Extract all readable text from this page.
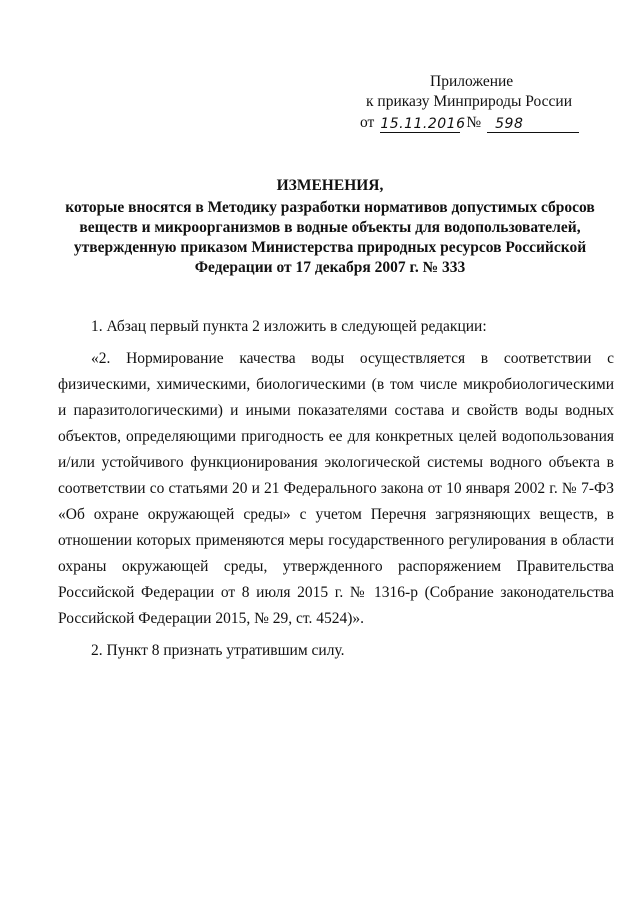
Приложение
к приказу Минприроды России
от 15.11.2016 №	598
ИЗМЕНЕНИЯ,
которые вносятся в Методику разработки нормативов допустимых сбросов веществ и микроорганизмов в водные объекты для водопользователей, утвержденную приказом Министерства природных ресурсов Российской Федерации от 17 декабря 2007 г. № 333

1. Абзац первый пункта 2 изложить в следующей редакции:

«2. Нормирование качества воды осуществляется в соответствии с физическими, химическими, биологическими (в том числе микробиологическими и паразитологическими) и иными показателями состава и свойств воды водных объектов, определяющими пригодность ее для конкретных целей водопользования и/или устойчивого функционирования экологической системы водного объекта в соответствии со статьями 20 и 21 Федерального закона от 10 января 2002 г. № 7-ФЗ «Об охране окружающей среды» с учетом Перечня загрязняющих веществ, в отношении которых применяются меры государственного регулирования в области охраны окружающей среды, утвержденного распоряжением Правительства Российской Федерации от 8 июля 2015 г. № 1316-р (Собрание законодательства Российской Федерации 2015, № 29, ст. 4524)».

2. Пункт 8 признать утратившим силу.
